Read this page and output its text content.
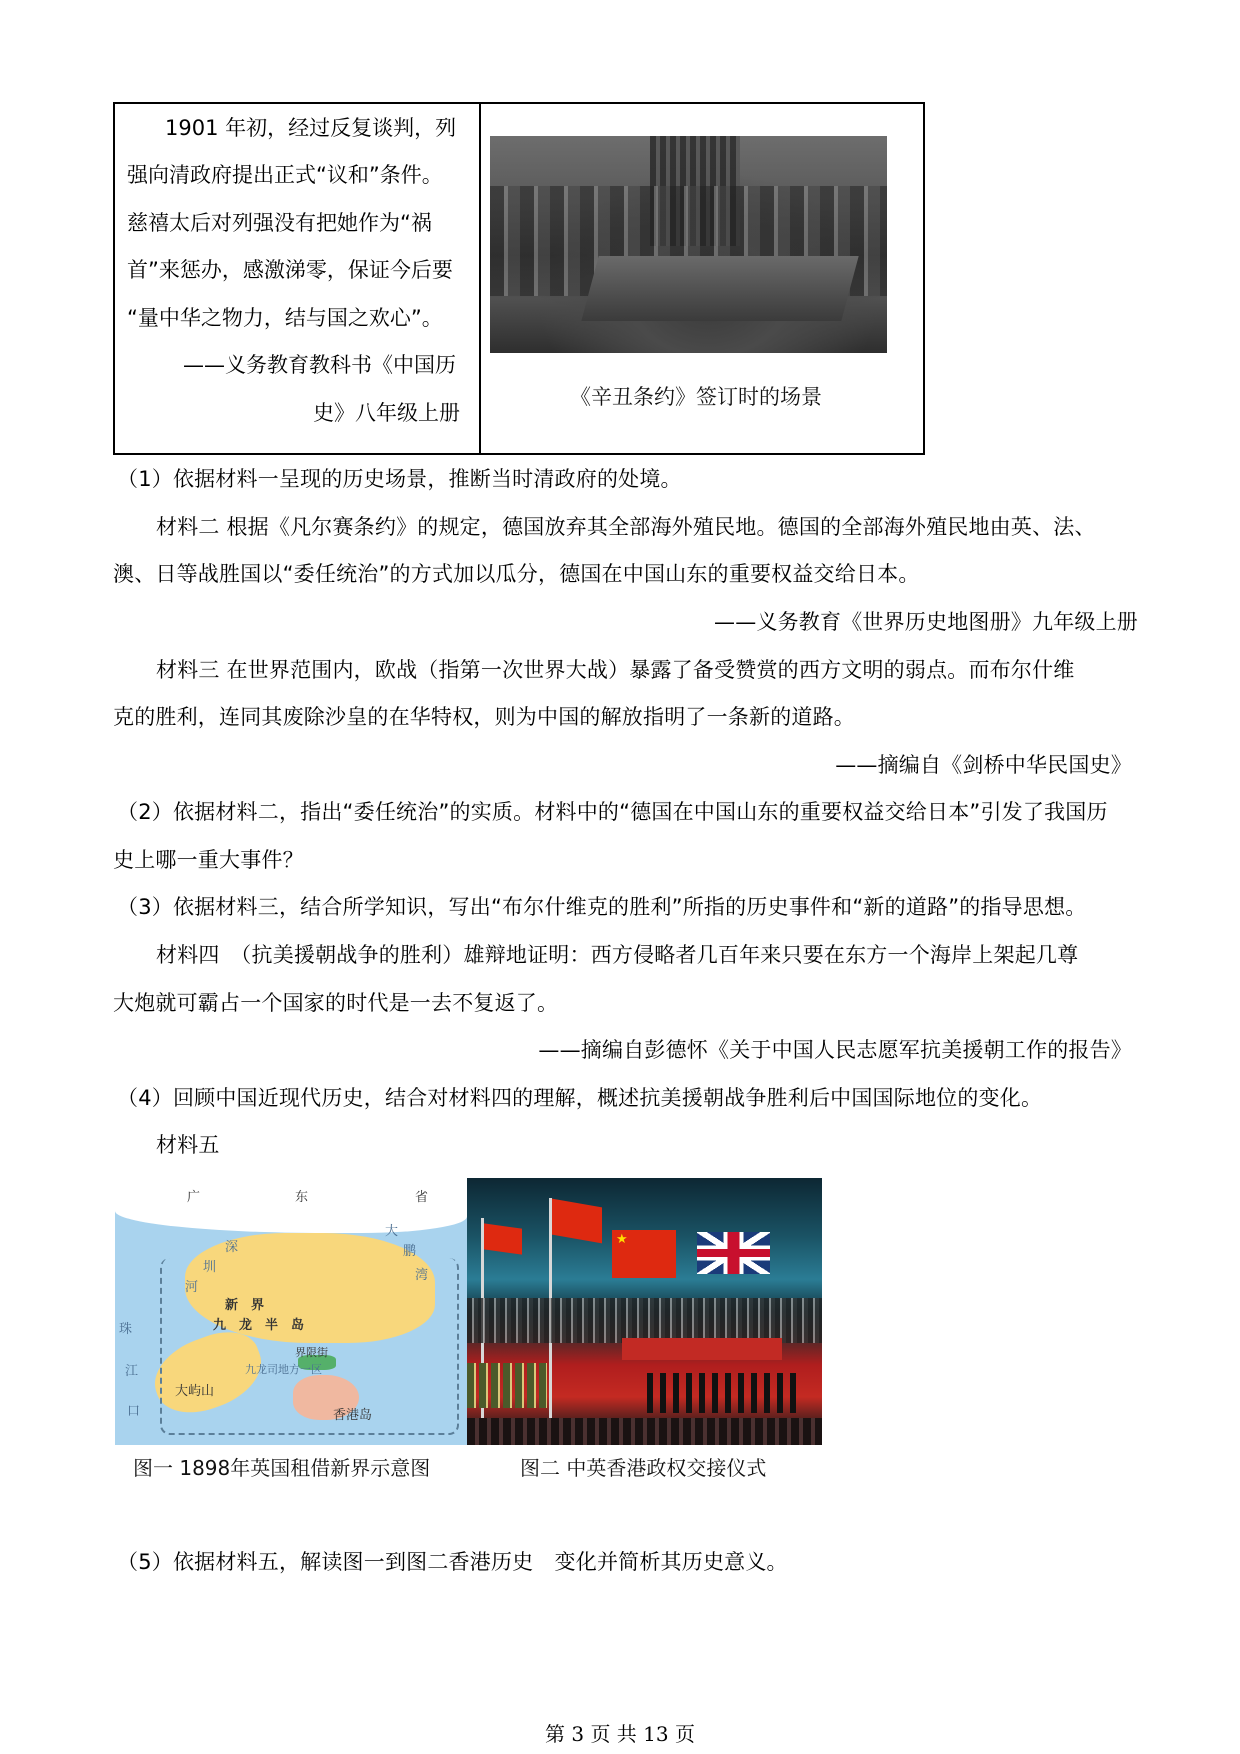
1901 年初，经过反复谈判，列
强向清政府提出正式“议和”条件。
慈禧太后对列强没有把她作为“祸
首”来惩办，感激涕零，保证今后要
“量中华之物力，结与国之欢心”。
——义务教育教科书《中国历
史》八年级上册
《辛丑条约》签订时的场景
（1）依据材料一呈现的历史场景，推断当时清政府的处境。
材料二 根据《凡尔赛条约》的规定，德国放弃其全部海外殖民地。德国的全部海外殖民地由英、法、
澳、日等战胜国以“委任统治”的方式加以瓜分，德国在中国山东的重要权益交给日本。
——义务教育《世界历史地图册》九年级上册
材料三 在世界范围内，欧战（指第一次世界大战）暴露了备受赞赏的西方文明的弱点。而布尔什维
克的胜利，连同其废除沙皇的在华特权，则为中国的解放指明了一条新的道路。
——摘编自《剑桥中华民国史》
（2）依据材料二，指出“委任统治”的实质。材料中的“德国在中国山东的重要权益交给日本”引发了我国历
史上哪一重大事件？
（3）依据材料三，结合所学知识，写出“布尔什维克的胜利”所指的历史事件和“新的道路”的指导思想。
材料四　（抗美援朝战争的胜利）雄辩地证明：西方侵略者几百年来只要在东方一个海岸上架起几尊
大炮就可霸占一个国家的时代是一去不复返了。
——摘编自彭德怀《关于中国人民志愿军抗美援朝工作的报告》
（4）回顾中国近现代历史，结合对材料四的理解，概述抗美援朝战争胜利后中国国际地位的变化。
材料五
广	东	省
深
圳
河
大
鹏
湾
新　界
九　龙　半　岛
界限街
九龙司地方一区
大屿山
香港岛
珠
江
口
★
图一 1898年英国租借新界示意图	图二 中英香港政权交接仪式
（5）依据材料五，解读图一到图二香港历史　变化并简析其历史意义。
第 3 页 共 13 页
